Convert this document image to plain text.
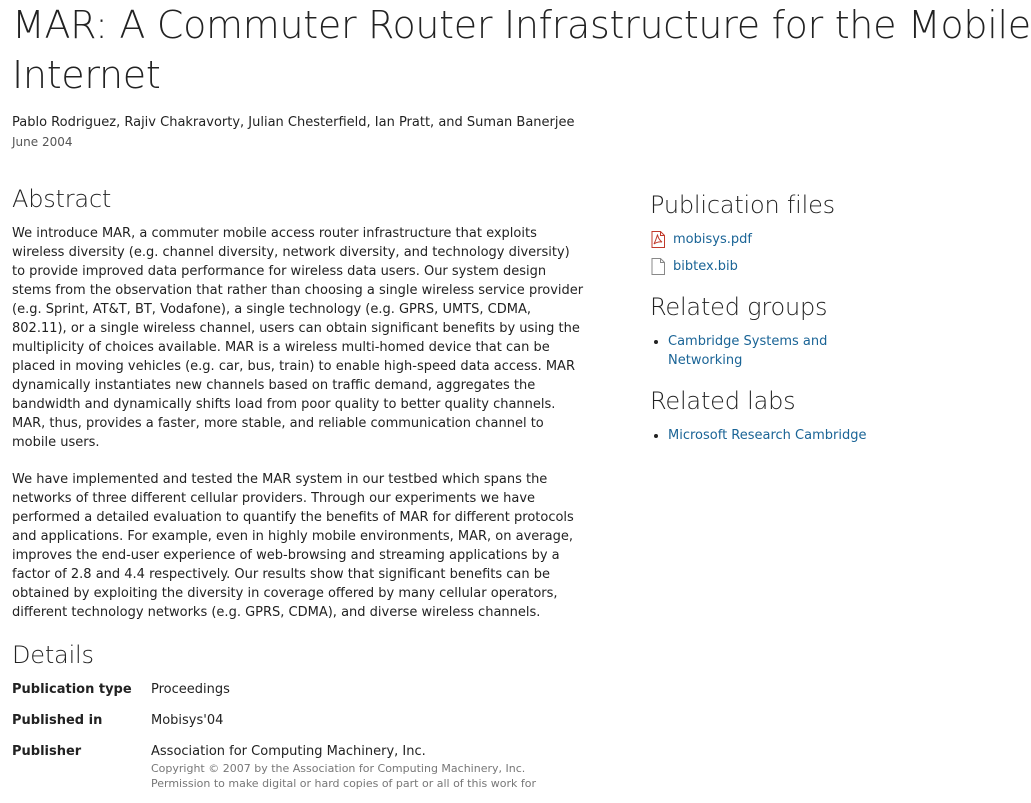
MAR: A Commuter Router Infrastructure for the Mobile
Internet
Pablo Rodriguez, Rajiv Chakravorty, Julian Chesterfield, Ian Pratt, and Suman Banerjee
June 2004
Abstract

We introduce MAR, a commuter mobile access router infrastructure that exploits wireless diversity (e.g. channel diversity, network diversity, and technology diversity) to provide improved data performance for wireless data users. Our system design stems from the observation that rather than choosing a single wireless service provider (e.g. Sprint, AT&T, BT, Vodafone), a single technology (e.g. GPRS, UMTS, CDMA, 802.11), or a single wireless channel, users can obtain significant benefits by using the multiplicity of choices available. MAR is a wireless multi-homed device that can be placed in moving vehicles (e.g. car, bus, train) to enable high-speed data access. MAR dynamically instantiates new channels based on traffic demand, aggregates the bandwidth and dynamically shifts load from poor quality to better quality channels. MAR, thus, provides a faster, more stable, and reliable communication channel to mobile users.

We have implemented and tested the MAR system in our testbed which spans the networks of three different cellular providers. Through our experiments we have performed a detailed evaluation to quantify the benefits of MAR for different protocols and applications. For example, even in highly mobile environments, MAR, on average, improves the end-user experience of web-browsing and streaming applications by a factor of 2.8 and 4.4 respectively. Our results show that significant benefits can be obtained by exploiting the diversity in coverage offered by many cellular operators, different technology networks (e.g. GPRS, CDMA), and diverse wireless channels.

Details
Publication type	Proceedings
Published in	Mobisys'04
Publisher	Association for Computing Machinery, Inc.
Copyright © 2007 by the Association for Computing Machinery, Inc.
Permission to make digital or hard copies of part or all of this work for
Publication files
mobisys.pdf
bibtex.bib
Related groups
• Cambridge Systems and Networking
Related labs
• Microsoft Research Cambridge
